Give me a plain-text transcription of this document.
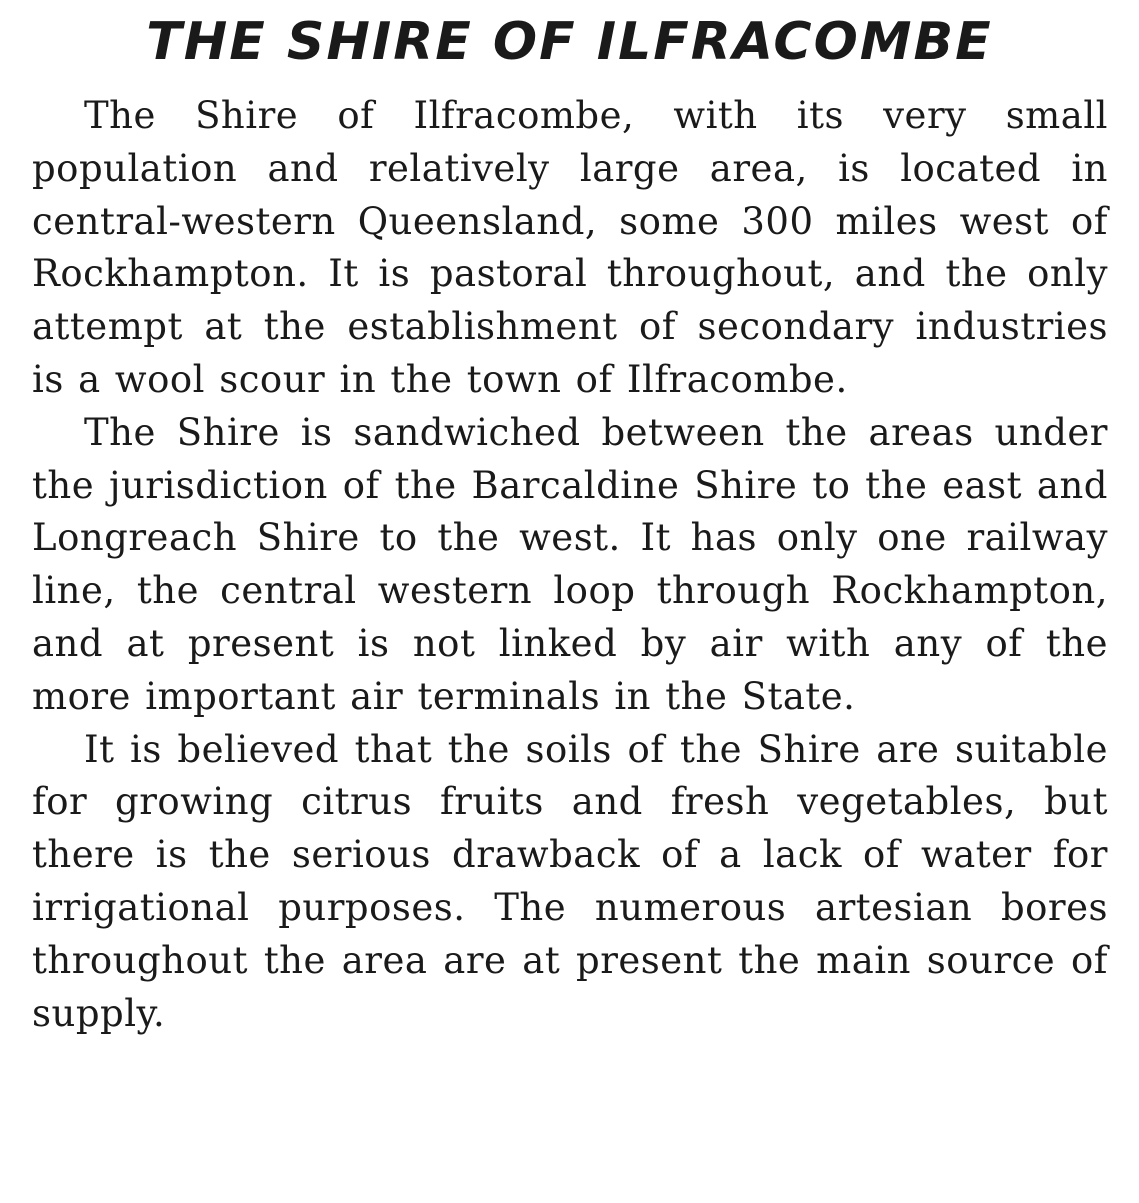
THE SHIRE OF ILFRACOMBE

The Shire of Ilfracombe, with its very small population and relatively large area, is located in central-western Queensland, some 300 miles west of Rockhampton. It is pastoral throughout, and the only attempt at the establishment of secondary industries is a wool scour in the town of Ilfracombe.

The Shire is sandwiched between the areas under the jurisdiction of the Barcaldine Shire to the east and Longreach Shire to the west. It has only one railway line, the central western loop through Rockhampton, and at present is not linked by air with any of the more important air terminals in the State.

It is believed that the soils of the Shire are suitable for growing citrus fruits and fresh vegetables, but there is the serious drawback of a lack of water for irrigational purposes. The numerous artesian bores throughout the area are at present the main source of supply.
